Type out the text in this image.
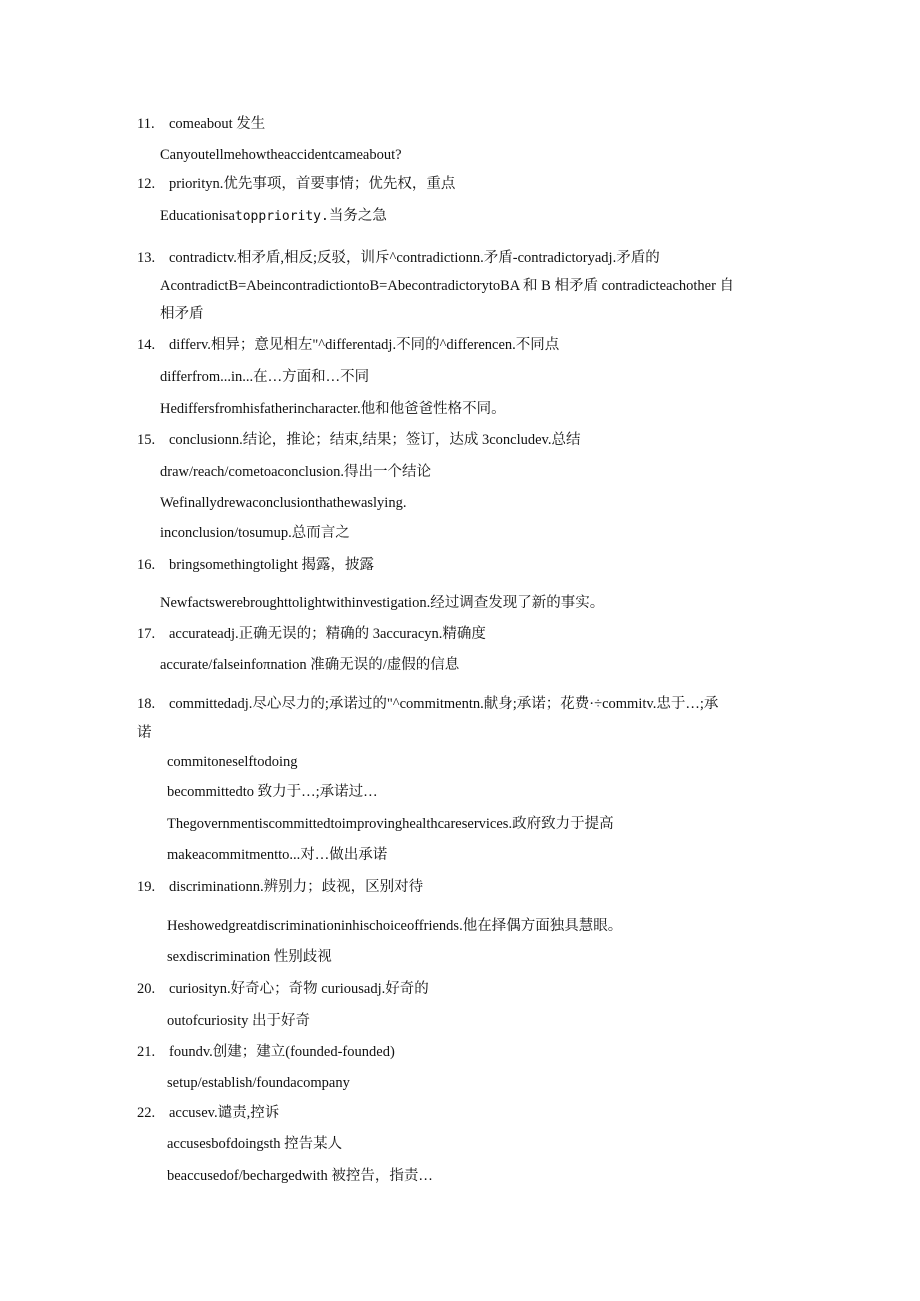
11. comeabout 发生
Canyoutellmehowtheaccidentcameabout?
12. priorityn.优先事项，首要事情；优先权，重点
Educationisatoppriority.当务之急
13. contradictv.相矛盾,相反;反驳，训斥^contradictionn.矛盾-contradictoryadj.矛盾的
AcontradictB=AbeincontradictiontoB=AbecontradictorytoBA 和 B 相矛盾 contradicteachother 自
相矛盾
14. differv.相异；意见相左"^differentadj.不同的^differencen.不同点
differfrom...in...在…方面和…不同
Hediffersfromhisfatherincharacter.他和他爸爸性格不同。
15. conclusionn.结论，推论；结束,结果；签订，达成 3concludev.总结
draw/reach/cometoaconclusion.得出一个结论
Wefinallydrewaconclusionthathewaslying.
inconclusion/tosumup.总而言之
16. bringsomethingtolight 揭露，披露
Newfactswerebroughttolightwithinvestigation.经过调查发现了新的事实。
17. accurateadj.正确无误的；精确的 3accuracyn.精确度
accurate/falseinfoπnation 准确无误的/虚假的信息
18. committedadj.尽心尽力的;承诺过的"^commitmentn.献身;承诺；花费·÷commitv.忠于…;承
诺
commitoneselftodoing
becommittedto 致力于…;承诺过…
Thegovernmentiscommittedtoimprovinghealthcareservices.政府致力于提高
makeacommitmentto...对…做出承诺
19. discriminationn.辨别力；歧视，区别对待
Heshowedgreatdiscriminationinhischoiceoffriends.他在择偶方面独具慧眼。
sexdiscrimination 性别歧视
20. curiosityn.好奇心；奇物 curiousadj.好奇的
outofcuriosity 出于好奇
21. foundv.创建；建立(founded-founded)
setup/establish/foundacompany
22. accusev.谴责,控诉
accusesbofdoingsth 控告某人
beaccusedof/bechargedwith 被控告，指责…
